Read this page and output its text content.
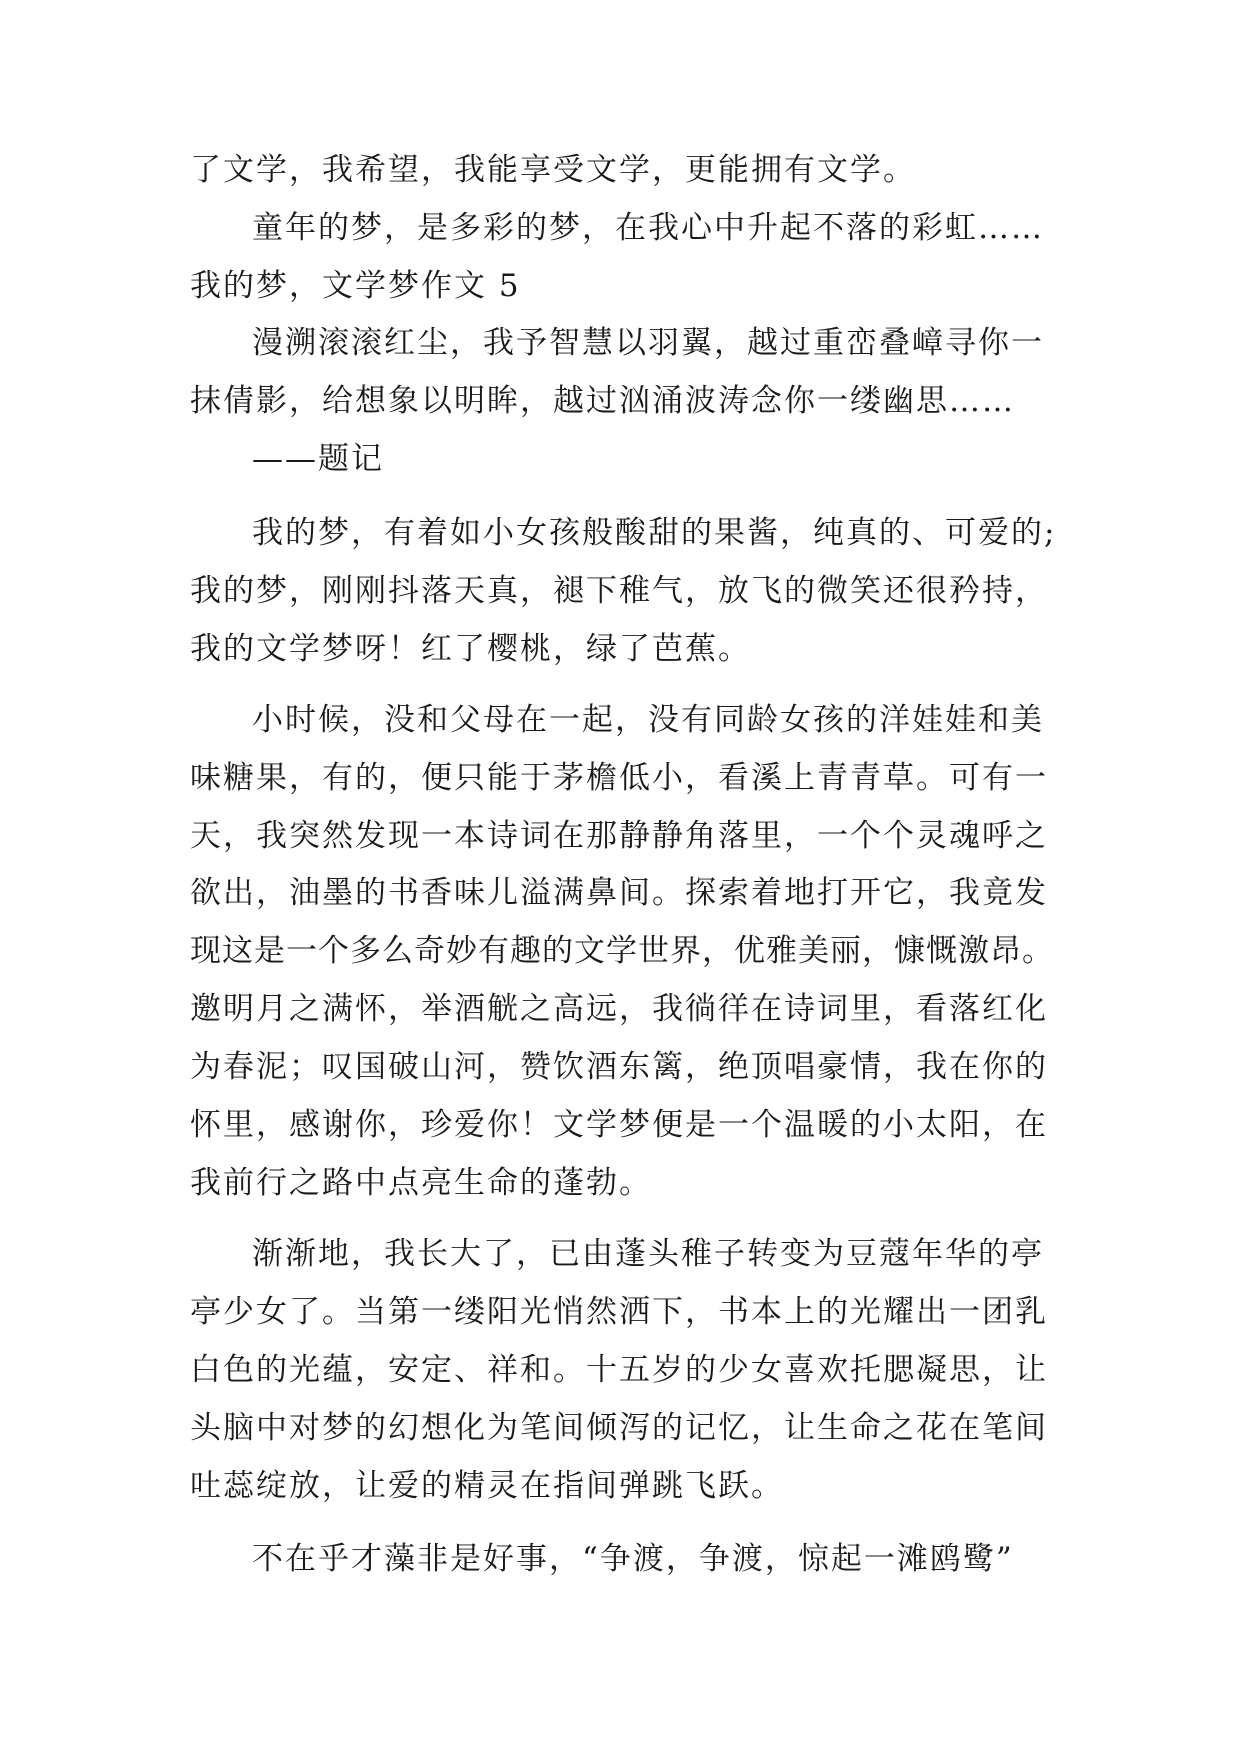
了文学，我希望，我能享受文学，更能拥有文学。
童年的梦，是多彩的梦，在我心中升起不落的彩虹……
我的梦，文学梦作文 5
漫溯滚滚红尘，我予智慧以羽翼，越过重峦叠嶂寻你一
抹倩影，给想象以明眸，越过汹涌波涛念你一缕幽思……
——题记
我的梦，有着如小女孩般酸甜的果酱，纯真的、可爱的;
我的梦，刚刚抖落天真，褪下稚气，放飞的微笑还很矜持，
我的文学梦呀！红了樱桃，绿了芭蕉。
小时候，没和父母在一起，没有同龄女孩的洋娃娃和美
味糖果，有的，便只能于茅檐低小，看溪上青青草。可有一
天，我突然发现一本诗词在那静静角落里，一个个灵魂呼之
欲出，油墨的书香味儿溢满鼻间。探索着地打开它，我竟发
现这是一个多么奇妙有趣的文学世界，优雅美丽，慷慨激昂。
邀明月之满怀，举酒觥之高远，我徜徉在诗词里，看落红化
为春泥；叹国破山河，赞饮酒东篱，绝顶唱豪情，我在你的
怀里，感谢你，珍爱你！文学梦便是一个温暖的小太阳，在
我前行之路中点亮生命的蓬勃。
渐渐地，我长大了，已由蓬头稚子转变为豆蔻年华的亭
亭少女了。当第一缕阳光悄然洒下，书本上的光耀出一团乳
白色的光蕴，安定、祥和。十五岁的少女喜欢托腮凝思，让
头脑中对梦的幻想化为笔间倾泻的记忆，让生命之花在笔间
吐蕊绽放，让爱的精灵在指间弹跳飞跃。
不在乎才藻非是好事，“争渡，争渡，惊起一滩鸥鹭”
